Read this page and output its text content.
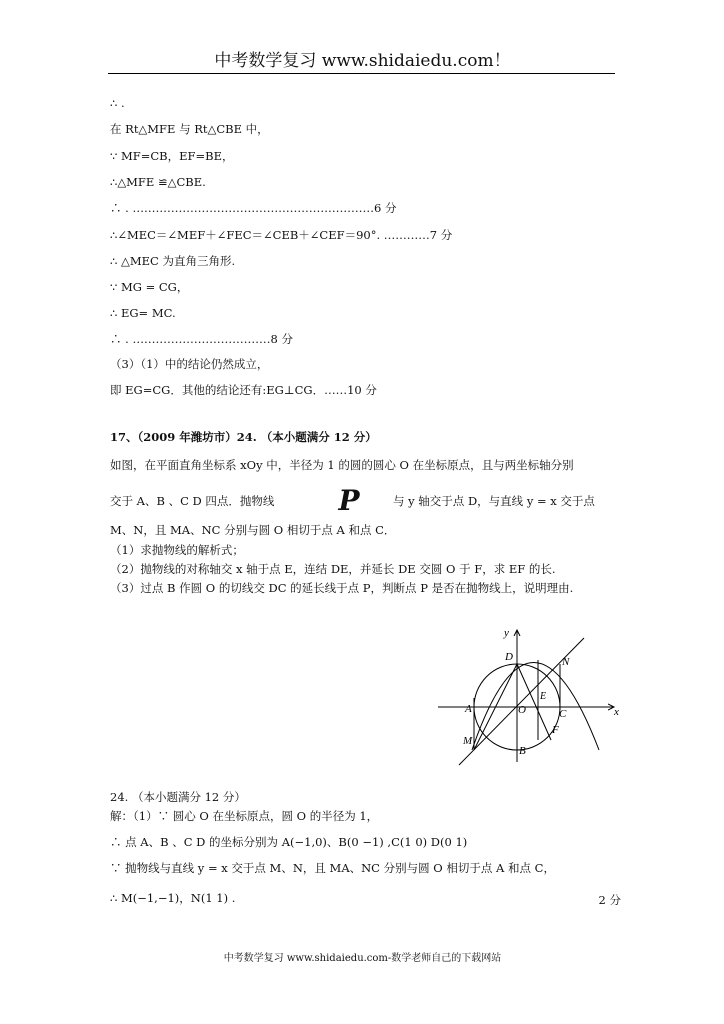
中考数学复习 www.shidaiedu.com！
∴ .
在 Rt△MFE 与 Rt△CBE 中，
∵ MF=CB，EF=BE，
∴△MFE ≌△CBE.
∴ . ………………………………………………………6 分
∴∠MEC＝∠MEF＋∠FEC＝∠CEB＋∠CEF＝90°. …………7 分
∴ △MEC 为直角三角形.
∵ MG = CG，
∴ EG= MC.
∴ . ………………………………8 分
（3）（1）中的结论仍然成立，
即 EG=CG．其他的结论还有:EG⊥CG．……10 分
17、（2009 年潍坊市）24. （本小题满分 12 分）
如图，在平面直角坐标系 xOy 中，半径为 1 的圆的圆心 O 在坐标原点，且与两坐标轴分别
交于 A、B 、C D 四点．抛物线	P	与 y 轴交于点 D，与直线 y = x 交于点
M、N，且 MA、NC 分别与圆 O 相切于点 A 和点 C．
（1）求抛物线的解析式；
（2）抛物线的对称轴交 x 轴于点 E，连结 DE，并延长 DE 交圆 O 于 F，求 EF 的长.
（3）过点 B 作圆 O 的切线交 DC 的延长线于点 P，判断点 P 是否在抛物线上，说明理由.
y
D	N
E
A	O	C	x
F
M
B
24. （本小题满分 12 分）
解：（1）∵ 圆心 O 在坐标原点，圆 O 的半径为 1，
∴ 点 A、B 、C D 的坐标分别为 A(−1,0)、B(0 −1) ,C(1 0) D(0 1)
∵ 抛物线与直线 y = x 交于点 M、N，且 MA、NC 分别与圆 O 相切于点 A 和点 C，
∴ M(−1,−1)，N(1 1) .	2 分
中考数学复习 www.shidaiedu.com-数学老师自己的下载网站
